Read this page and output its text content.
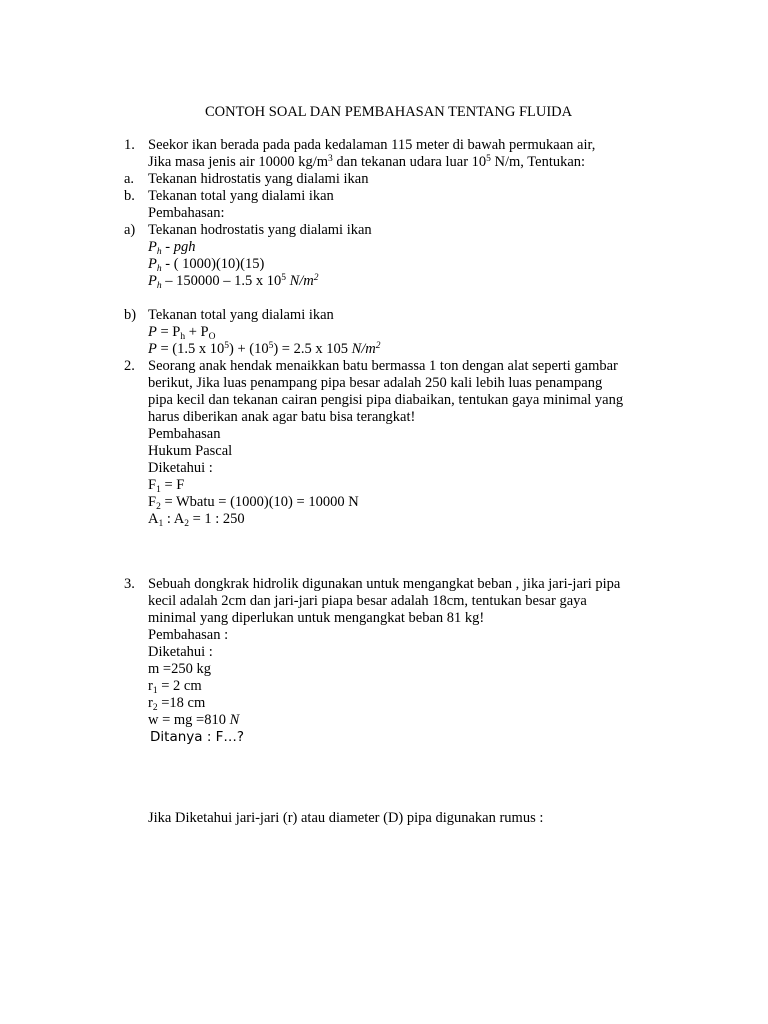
CONTOH SOAL DAN PEMBAHASAN TENTANG FLUIDA
1. Seekor ikan berada pada pada kedalaman 115 meter di bawah permukaan air,
Jika masa jenis air 10000 $kg/m^3$ dan tekanan udara luar $10^5$ N/m, Tentukan:
a. Tekanan hidrostatis yang dialami ikan
b. Tekanan total yang dialami ikan
Pembahasan:
a) Tekanan hodrostatis yang dialami ikan
$P_h$ - pgh
$P_h$ - ( 1000)(10)(15)
$P_h - 150000 - 1.5$ x $10^5$ $N/m^2$
b) Tekanan total yang dialami ikan
$P = P_h + P_O$
P = (1.5 x $10^5) + (10^5) = 2.5$ x 105 $N/m^2$
2. Seorang anak hendak menaikkan batu bermassa 1 ton dengan alat seperti gambar
berikut, Jika luas penampang pipa besar adalah 250 kali lebih luas penampang
pipa kecil dan tekanan cairan pengisi pipa diabaikan, tentukan gaya minimal yang
harus diberikan anak agar batu bisa terangkat!
Pembahasan
Hukum Pascal
Diketahui :
$F_1 = F$
$F_2$ = Wbatu = (1000)(10) = 10000 N
$A_1$ : $A_2 = 1$ : 250
3. Sebuah dongkrak hidrolik digunakan untuk mengangkat beban , jika jari-jari pipa
kecil adalah 2cm dan jari-jari piapa besar adalah 18cm, tentukan besar gaya
minimal yang diperlukan untuk mengangkat beban 81 kg!
Pembahasan :
Diketahui :
m =250 kg
$r_1 = 2$ cm
$r_2 =18$ cm
w = mg =810 N
Ditanya : F…?
Jika Diketahui jari-jari (r) atau diameter (D) pipa digunakan rumus :
